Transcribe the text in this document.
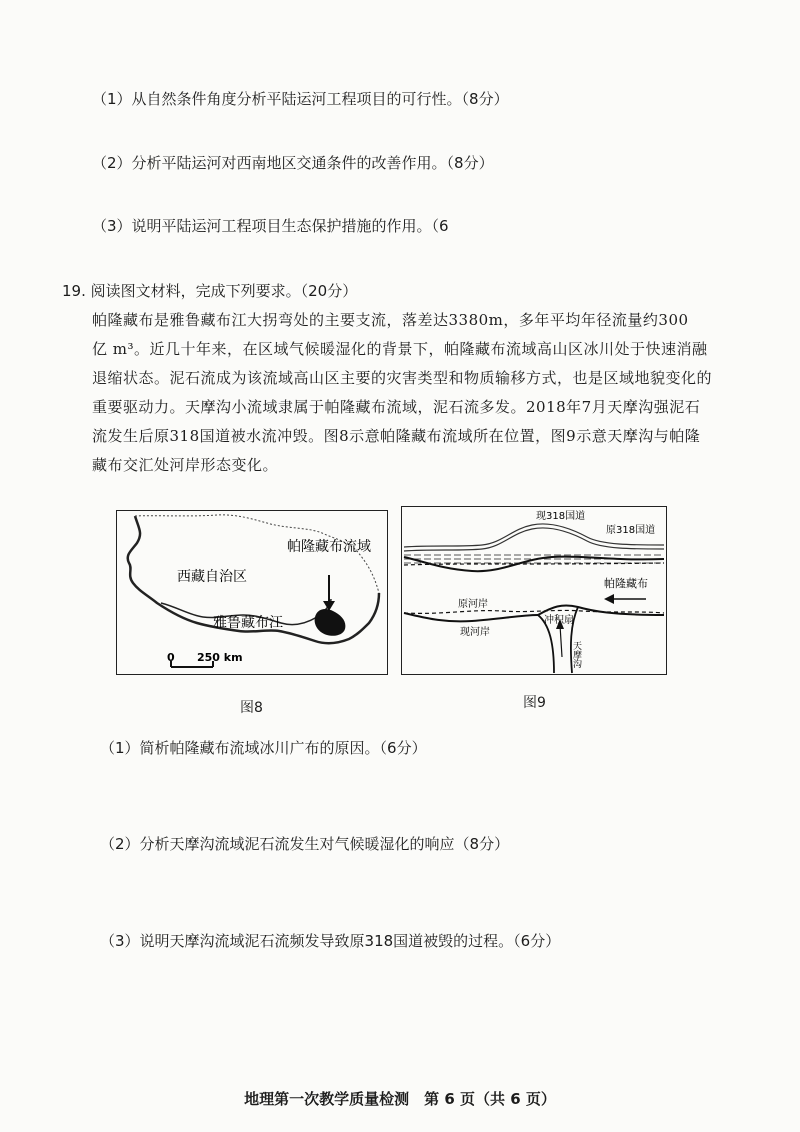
（1）从自然条件角度分析平陆运河工程项目的可行性。（8分）
（2）分析平陆运河对西南地区交通条件的改善作用。（8分）
（3）说明平陆运河工程项目生态保护措施的作用。（6
19. 阅读图文材料，完成下列要求。（20分）
帕隆藏布是雅鲁藏布江大拐弯处的主要支流，落差达3380m，多年平均年径流量约300
亿 m³。近几十年来，在区域气候暖湿化的背景下，帕隆藏布流域高山区冰川处于快速消融
退缩状态。泥石流成为该流域高山区主要的灾害类型和物质输移方式，也是区域地貌变化的
重要驱动力。天摩沟小流域隶属于帕隆藏布流域，泥石流多发。2018年7月天摩沟强泥石
流发生后原318国道被水流冲毁。图8示意帕隆藏布流域所在位置，图9示意天摩沟与帕隆
藏布交汇处河岸形态变化。
西藏自治区
帕隆藏布流域
雅鲁藏布江
0 250 km
图8
现318国道
原318国道
帕隆藏布
原河岸
现河岸
冲积扇
天摩沟
图9
（1）简析帕隆藏布流域冰川广布的原因。（6分）
（2）分析天摩沟流域泥石流发生对气候暖湿化的响应（8分）
（3）说明天摩沟流域泥石流频发导致原318国道被毁的过程。（6分）
地理第一次教学质量检测　第 6 页（共 6 页）
